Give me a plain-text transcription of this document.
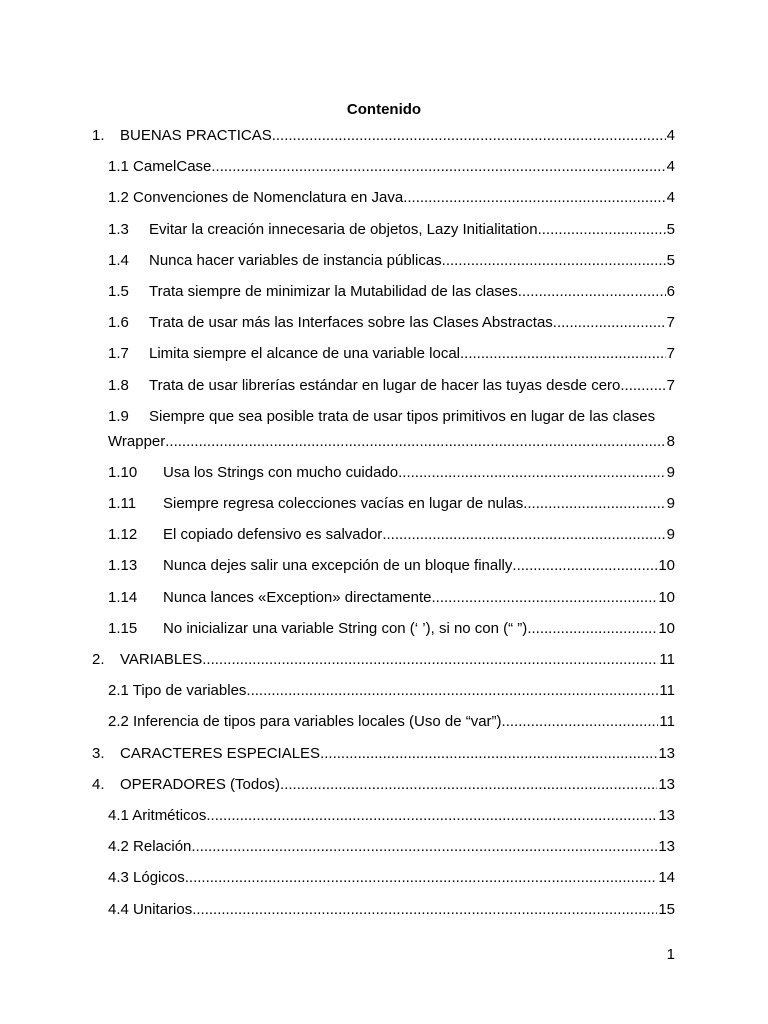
Contenido
1.	BUENAS PRACTICAS .....	4
1.1 CamelCase .....	4
1.2 Convenciones de Nomenclatura en Java .....	4
1.3	Evitar la creación innecesaria de objetos, Lazy Initialitation .....	5
1.4	Nunca hacer variables de instancia públicas .....	5
1.5	Trata siempre de minimizar la Mutabilidad de las clases .....	6
1.6	Trata de usar más las Interfaces sobre las Clases Abstractas .....	7
1.7	Limita siempre el alcance de una variable local .....	7
1.8	Trata de usar librerías estándar en lugar de hacer las tuyas desde cero .....	7
1.9	Siempre que sea posible trata de usar tipos primitivos en lugar de las clases
Wrapper .....	8
1.10	Usa los Strings con mucho cuidado .....	9
1.11	Siempre regresa colecciones vacías en lugar de nulas .....	9
1.12	El copiado defensivo es salvador .....	9
1.13	Nunca dejes salir una excepción de un bloque finally .....	10
1.14	Nunca lances «Exception» directamente .....	10
1.15	No inicializar una variable String con (‘ ’), si no con (“ ”) .....	10
2.	VARIABLES .....	11
2.1 Tipo de variables .....	11
2.2 Inferencia de tipos para variables locales (Uso de “var”) .....	11
3.	CARACTERES ESPECIALES .....	13
4.	OPERADORES (Todos) .....	13
4.1 Aritméticos .....	13
4.2 Relación .....	13
4.3 Lógicos .....	14
4.4 Unitarios .....	15
1
